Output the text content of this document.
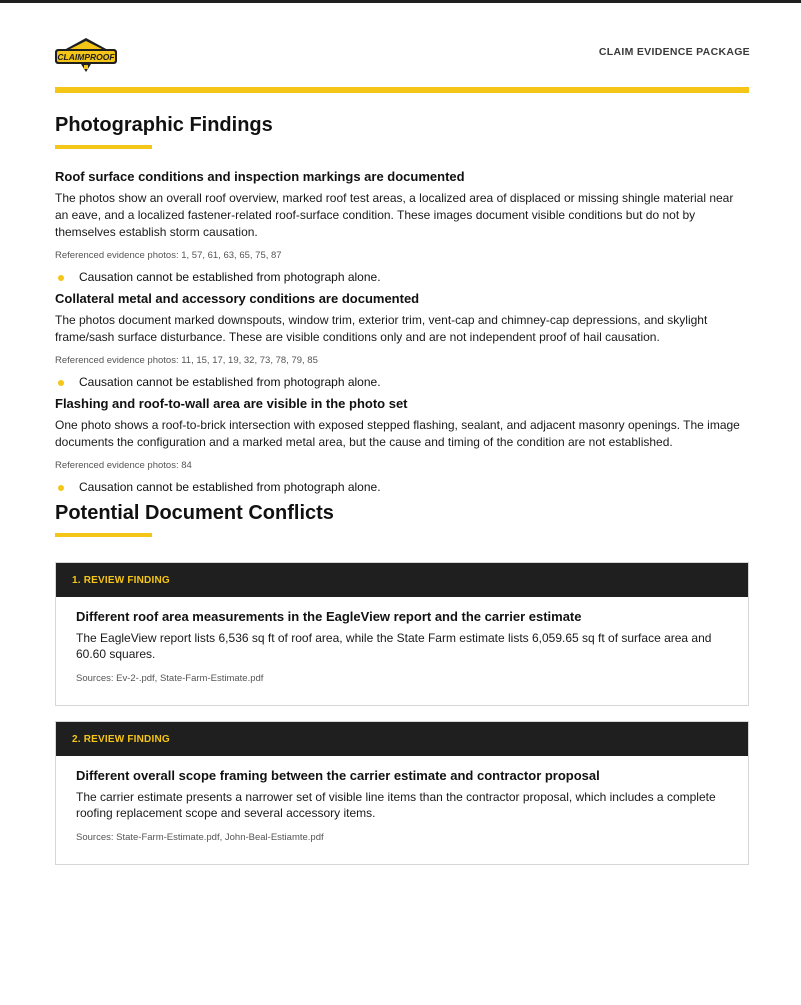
CLAIMPROOF	CLAIM EVIDENCE PACKAGE
Photographic Findings
Roof surface conditions and inspection markings are documented

The photos show an overall roof overview, marked roof test areas, a localized area of displaced or missing shingle material near an eave, and a localized fastener-related roof-surface condition. These images document visible conditions but do not by themselves establish storm causation.

Referenced evidence photos: 1, 57, 61, 63, 65, 75, 87
Causation cannot be established from photograph alone.
Collateral metal and accessory conditions are documented

The photos document marked downspouts, window trim, exterior trim, vent-cap and chimney-cap depressions, and skylight frame/sash surface disturbance. These are visible conditions only and are not independent proof of hail causation.

Referenced evidence photos: 11, 15, 17, 19, 32, 73, 78, 79, 85
Causation cannot be established from photograph alone.
Flashing and roof-to-wall area are visible in the photo set

One photo shows a roof-to-brick intersection with exposed stepped flashing, sealant, and adjacent masonry openings. The image documents the configuration and a marked metal area, but the cause and timing of the condition are not established.

Referenced evidence photos: 84
Causation cannot be established from photograph alone.
Potential Document Conflicts
1. REVIEW FINDING
Different roof area measurements in the EagleView report and the carrier estimate

The EagleView report lists 6,536 sq ft of roof area, while the State Farm estimate lists 6,059.65 sq ft of surface area and 60.60 squares.

Sources: Ev-2-.pdf, State-Farm-Estimate.pdf
2. REVIEW FINDING
Different overall scope framing between the carrier estimate and contractor proposal

The carrier estimate presents a narrower set of visible line items than the contractor proposal, which includes a complete roofing replacement scope and several accessory items.

Sources: State-Farm-Estimate.pdf, John-Beal-Estiamte.pdf
